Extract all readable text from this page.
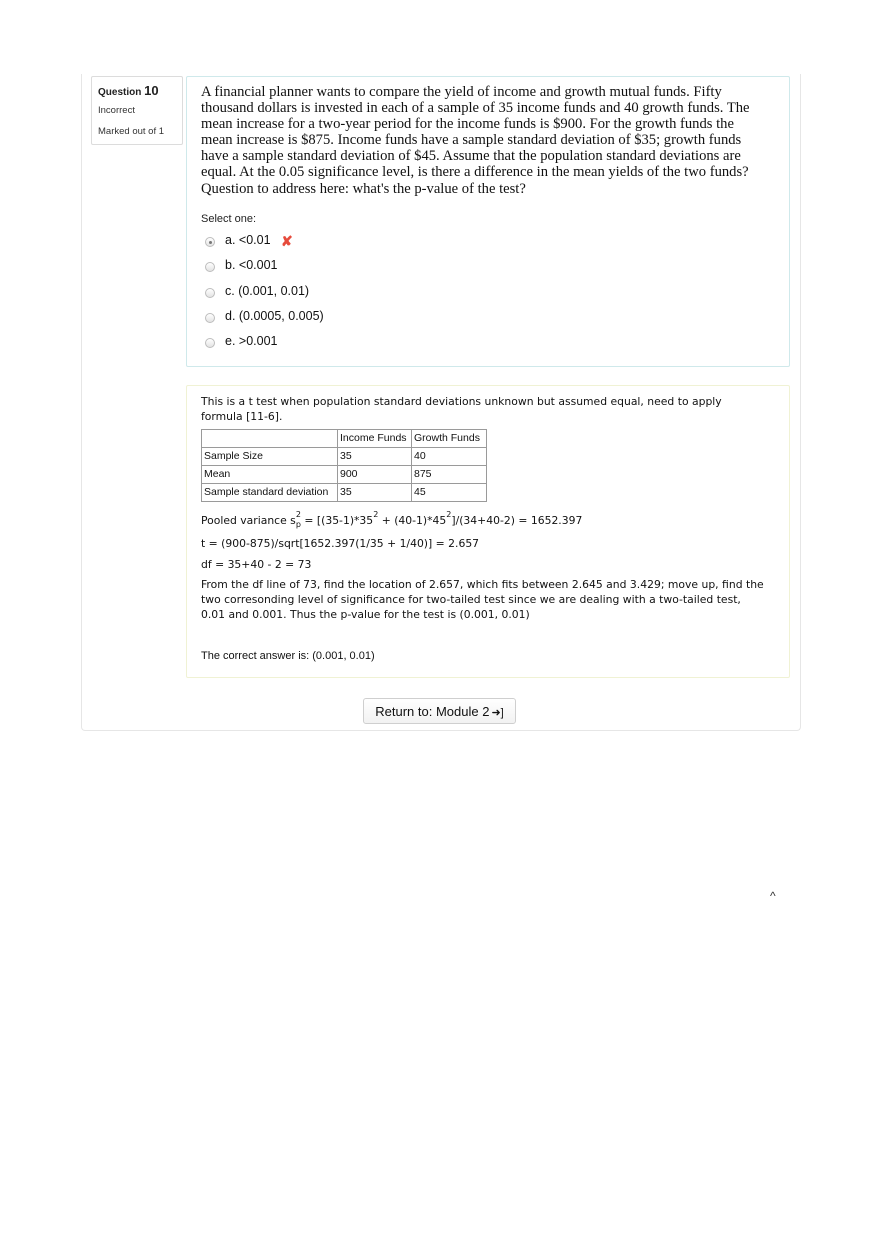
Question 10
Incorrect
Marked out of 1
A financial planner wants to compare the yield of income and growth mutual funds. Fifty thousand dollars is invested in each of a sample of 35 income funds and 40 growth funds. The mean increase for a two-year period for the income funds is $900. For the growth funds the mean increase is $875. Income funds have a sample standard deviation of $35; growth funds have a sample standard deviation of $45. Assume that the population standard deviations are equal. At the 0.05 significance level, is there a difference in the mean yields of the two funds? Question to address here: what's the p-value of the test?
Select one:
a. <0.01 ✘
b. <0.001
c. (0.001, 0.01)
d. (0.0005, 0.005)
e. >0.001
This is a t test when population standard deviations unknown but assumed equal, need to apply formula [11-6].
	Income Funds	Growth Funds
Sample Size	35	40
Mean	900	875
Sample standard deviation	35	45
Pooled variance $s^2_p = [(35-1)*35^2 + (40-1)*45^2]/(34+40-2) = 1652.397$
t = (900-875)/sqrt[1652.397(1/35 + 1/40)] = 2.657
df = 35+40 - 2 = 73
From the df line of 73, find the location of 2.657, which fits between 2.645 and 3.429; move up, find the two corresonding level of significance for two-tailed test since we are dealing with a two-tailed test, 0.01 and 0.001. Thus the p-value for the test is (0.001, 0.01)
The correct answer is: (0.001, 0.01)
Return to: Module 2 ➜]
^
